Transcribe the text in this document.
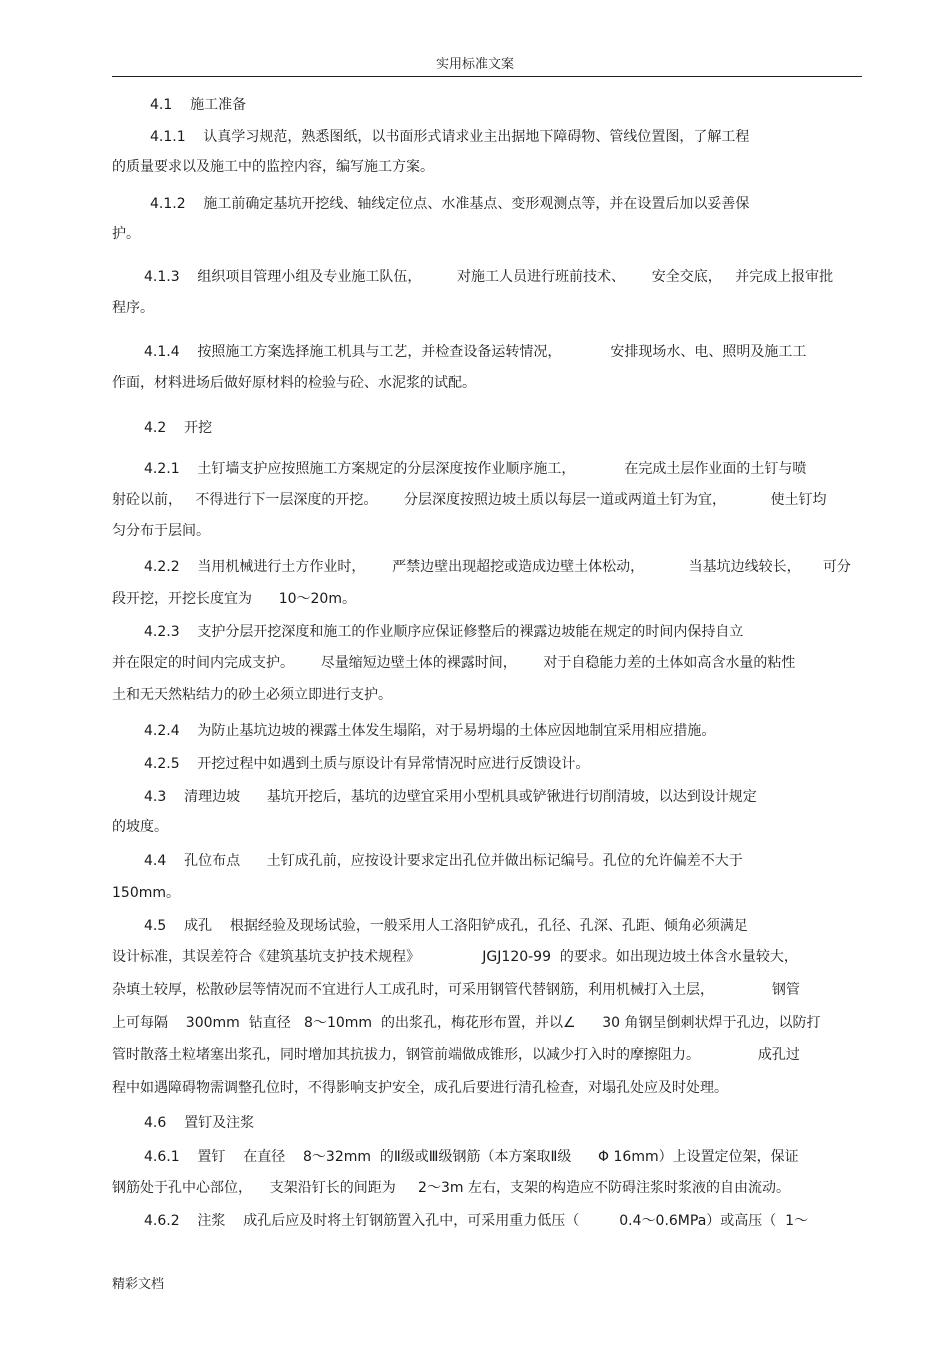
实用标准文案
4.1    施工准备
4.1.1    认真学习规范，熟悉图纸，以书面形式请求业主出据地下障碍物、管线位置图，了解工程
的质量要求以及施工中的监控内容，编写施工方案。
4.1.2    施工前确定基坑开挖线、轴线定位点、水准基点、变形观测点等，并在设置后加以妥善保
护。
4.1.3    组织项目管理小组及专业施工队伍，        对施工人员进行班前技术、      安全交底，   并完成上报审批
程序。
4.1.4    按照施工方案选择施工机具与工艺，并检查设备运转情况，           安排现场水、电、照明及施工工
作面，材料进场后做好原材料的检验与砼、水泥浆的试配。
4.2    开挖
4.2.1    土钉墙支护应按照施工方案规定的分层深度按作业顺序施工，           在完成土层作业面的土钉与喷
射砼以前，   不得进行下一层深度的开挖。      分层深度按照边坡土质以每层一道或两道土钉为宜，          使土钉均
匀分布于层间。
4.2.2    当用机械进行土方作业时，      严禁边壁出现超挖或造成边壁土体松动，          当基坑边线较长，     可分
段开挖，开挖长度宜为      10～20m。
4.2.3    支护分层开挖深度和施工的作业顺序应保证修整后的裸露边坡能在规定的时间内保持自立
并在限定的时间内完成支护。      尽量缩短边壁土体的裸露时间，      对于自稳能力差的土体如高含水量的粘性
土和无天然粘结力的砂土必须立即进行支护。
4.2.4    为防止基坑边坡的裸露土体发生塌陷，对于易坍塌的土体应因地制宜采用相应措施。
4.2.5    开挖过程中如遇到土质与原设计有异常情况时应进行反馈设计。
4.3    清理边坡      基坑开挖后，基坑的边壁宜采用小型机具或铲锹进行切削清坡，以达到设计规定
的坡度。
4.4    孔位布点      土钉成孔前，应按设计要求定出孔位并做出标记编号。孔位的允许偏差不大于
150mm。
4.5    成孔    根据经验及现场试验，一般采用人工洛阳铲成孔，孔径、孔深、孔距、倾角必须满足
设计标准，其误差符合《建筑基坑支护技术规程》              JGJ120-99  的要求。如出现边坡土体含水量较大，
杂填土较厚，松散砂层等情况而不宜进行人工成孔时，可采用钢管代替钢筋，利用机械打入土层，             钢管
上可每隔    300mm  钻直径   8～10mm  的出浆孔，梅花形布置，并以∠      30 角钢呈倒刺状焊于孔边，以防打
管时散落土粒堵塞出浆孔，同时增加其抗拔力，钢管前端做成锥形，以减少打入时的摩擦阻力。             成孔过
程中如遇障碍物需调整孔位时，不得影响支护安全，成孔后要进行清孔检查，对塌孔处应及时处理。
4.6    置钉及注浆
4.6.1    置钉    在直径    8～32mm  的Ⅱ级或Ⅲ级钢筋（本方案取Ⅱ级      Φ 16mm）上设置定位架，保证
钢筋处于孔中心部位，    支架沿钉长的间距为     2～3m 左右，支架的构造应不防碍注浆时浆液的自由流动。
4.6.2    注浆    成孔后应及时将土钉钢筋置入孔中，可采用重力低压（         0.4～0.6MPa）或高压（  1～
精彩文档
